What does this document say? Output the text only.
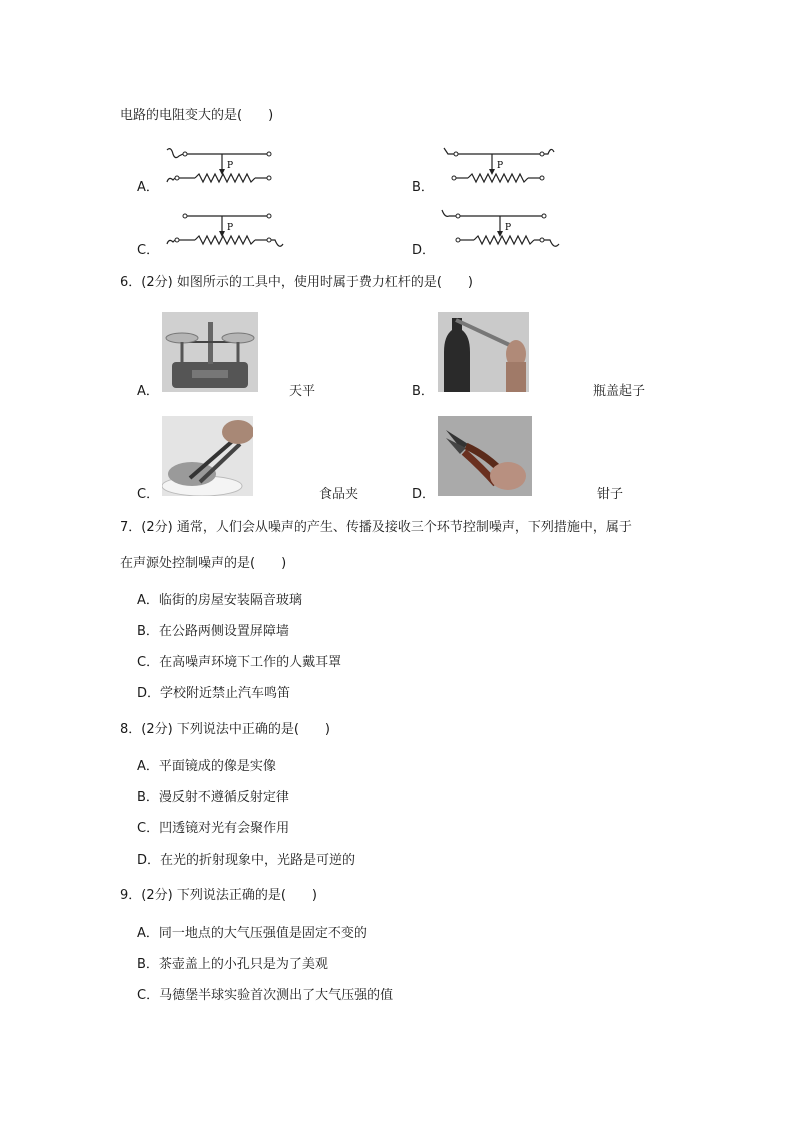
电路的电阻变大的是(　　)
A．
P
B．
P
C．
P
D．
P
6．(2分) 如图所示的工具中，使用时属于费力杠杆的是(　　)
A．	天平	B．	瓶盖起子
C．	食品夹	D．	钳子
7．(2分) 通常，人们会从噪声的产生、传播及接收三个环节控制噪声，下列措施中，属于
在声源处控制噪声的是(　　)
A．临街的房屋安装隔音玻璃
B．在公路两侧设置屏障墙
C．在高噪声环境下工作的人戴耳罩
D．学校附近禁止汽车鸣笛
8．(2分) 下列说法中正确的是(　　)
A．平面镜成的像是实像
B．漫反射不遵循反射定律
C．凹透镜对光有会聚作用
D．在光的折射现象中，光路是可逆的
9．(2分) 下列说法正确的是(　　)
A．同一地点的大气压强值是固定不变的
B．茶壶盖上的小孔只是为了美观
C．马德堡半球实验首次测出了大气压强的值
